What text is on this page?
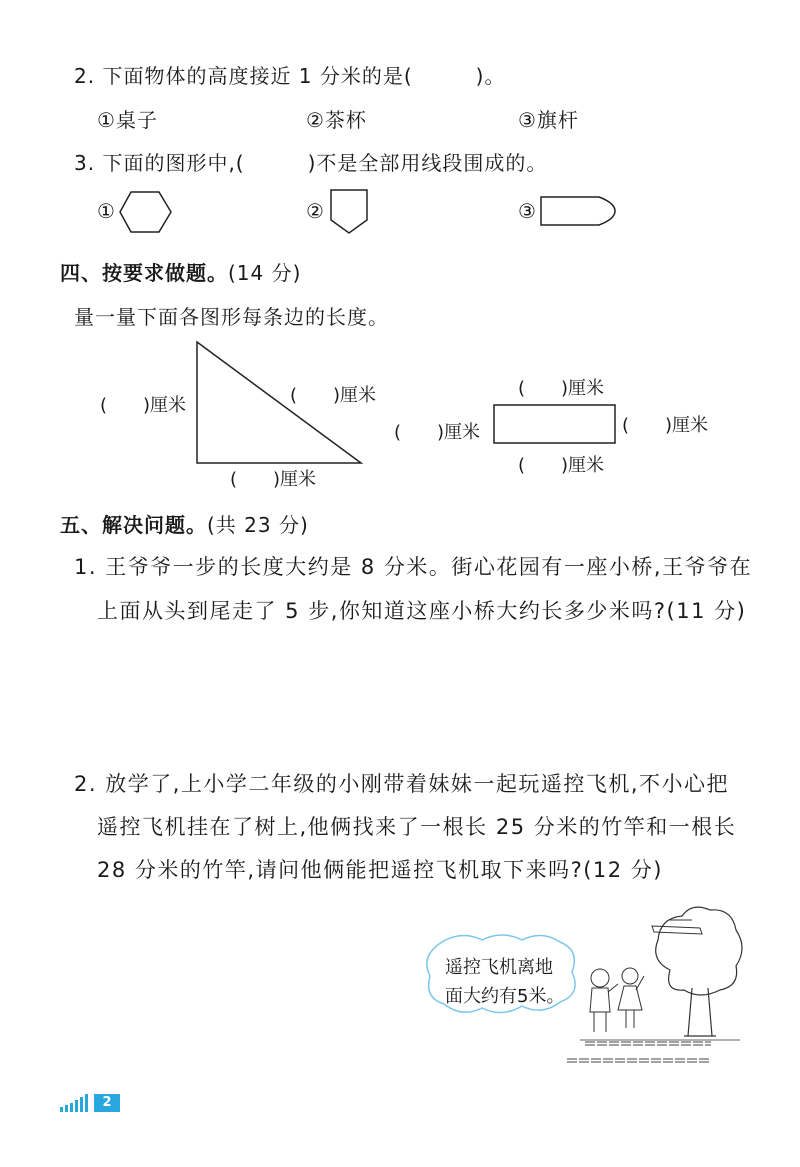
2. 下面物体的高度接近 1 分米的是(　　　)。
①桌子	②茶杯	③旗杆
3. 下面的图形中,(　　　)不是全部用线段围成的。
①	②	③
四、按要求做题。(14 分)
量一量下面各图形每条边的长度。
(　　)厘米	(　　)厘米
(　　)厘米
(　　)厘米
(　　)厘米	(　　)厘米
(　　)厘米
五、解决问题。(共 23 分)
1. 王爷爷一步的长度大约是 8 分米。街心花园有一座小桥,王爷爷在
上面从头到尾走了 5 步,你知道这座小桥大约长多少米吗?(11 分)
2. 放学了,上小学二年级的小刚带着妹妹一起玩遥控飞机,不小心把
遥控飞机挂在了树上,他俩找来了一根长 25 分米的竹竿和一根长
28 分米的竹竿,请问他俩能把遥控飞机取下来吗?(12 分)
遥控飞机离地
面大约有5米。
2
